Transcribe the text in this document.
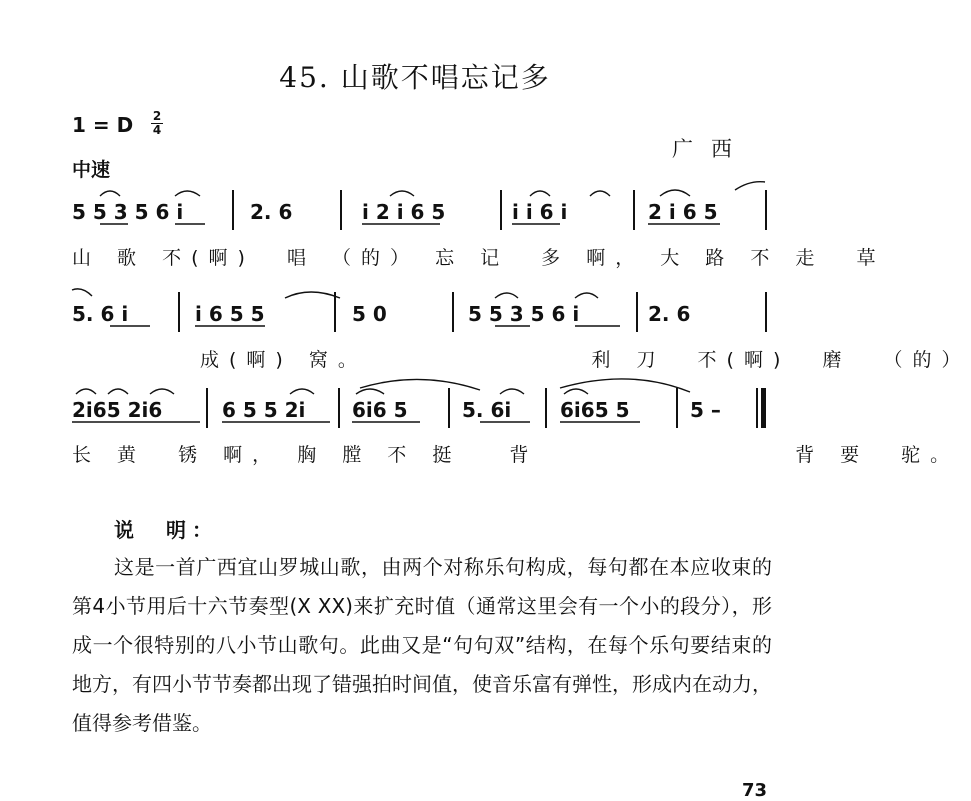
45. 山歌不唱忘记多
1 = D 2
4
中速
广西
5 5 3 5 6 i	2. 6	i 2 i 6 5	i i 6 i	2 i 6 5
山 歌 不(啊)  唱 （的） 忘 记  多 啊， 大 路 不 走  草
5. 6 i	i 6 5 5	5 0	5 5 3 5 6 i	2. 6
成(啊) 窝。              利 刀  不(啊)  磨  （的）
2i65 2i6	6 5 5 2i 6i6 5	5. 6i 6i65 5	5 –
长 黄  锈 啊， 胸 膛 不 挺   背                背 要  驼。
说　明：
这是一首广西宜山罗城山歌，由两个对称乐句构成，每句都在本应收束的第4小节用后十六节奏型(X XX)来扩充时值（通常这里会有一个小的段分），形成一个很特别的八小节山歌句。此曲又是“句句双”结构，在每个乐句要结束的地方，有四小节节奏都出现了错强拍时间值，使音乐富有弹性，形成内在动力，值得参考借鉴。
73
